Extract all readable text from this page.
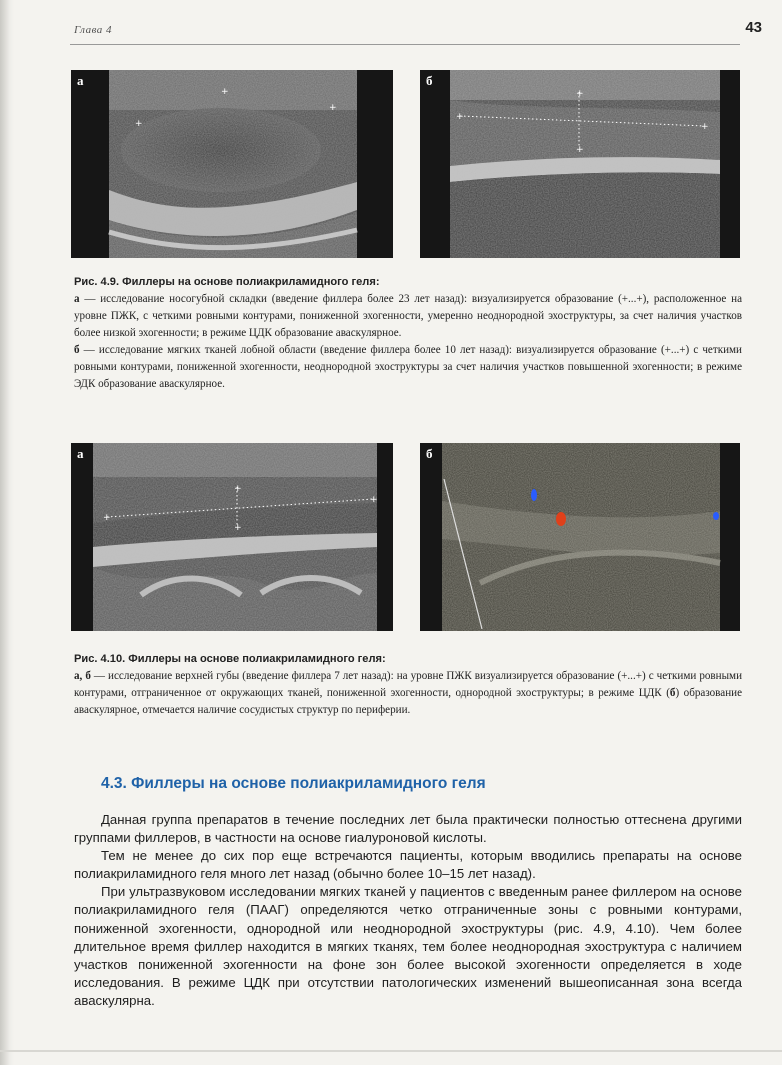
Глава 4	43
+
+
+
а
+
+
+
+
б

Рис. 4.9. Филлеры на основе полиакриламидного геля:

а — исследование носогубной складки (введение филлера более 23 лет назад): визуализируется образование (+...+), расположенное на уровне ПЖК, с четкими ровными контурами, пониженной эхогенности, умеренно неоднородной эхоструктуры, за счет наличия участков более низкой эхогенности; в режиме ЦДК образование аваскулярное.

б — исследование мягких тканей лобной области (введение филлера более 10 лет назад): визуализируется образование (+...+) с четкими ровными контурами, пониженной эхогенности, неоднородной эхоструктуры за счет наличия участков повышенной эхогенности; в режиме ЭДК образование аваскулярное.

+
+
+
+
а	б

Рис. 4.10. Филлеры на основе полиакриламидного геля:

а, б — исследование верхней губы (введение филлера 7 лет назад): на уровне ПЖК визуализируется образование (+...+) с четкими ровными контурами, отграниченное от окружающих тканей, пониженной эхогенности, однородной эхоструктуры; в режиме ЦДК (б) образование аваскулярное, отмечается наличие сосудистых структур по периферии.

4.3. Филлеры на основе полиакриламидного геля

Данная группа препаратов в течение последних лет была практически полностью оттеснена другими группами филлеров, в частности на основе гиалуроновой кислоты.

Тем не менее до сих пор еще встречаются пациенты, которым вводились препараты на основе полиакриламидного геля много лет назад (обычно более 10–15 лет назад).

При ультразвуковом исследовании мягких тканей у пациентов с введенным ранее филлером на основе полиакриламидного геля (ПААГ) определяются четко отграниченные зоны с ровными контурами, пониженной эхогенности, однородной или неоднородной эхоструктуры (рис. 4.9, 4.10). Чем более длительное время филлер находится в мягких тканях, тем более неоднородная эхоструктура с наличием участков пониженной эхогенности на фоне зон более высокой эхогенности определяется в ходе исследования. В режиме ЦДК при отсутствии патологических изменений вышеописанная зона всегда аваскулярна.
